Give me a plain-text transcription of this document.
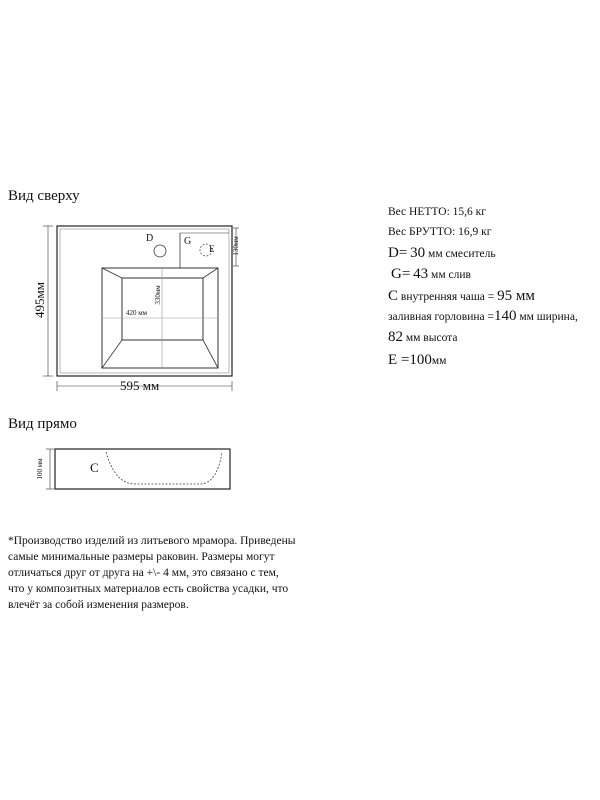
Вид сверху
D	G
E	130мм
420 мм
330мм
595 мм
495мм
Вид прямо
100 мм	C
Вес НЕТТО: 15,6 кг
Вес БРУТТО: 16,9 кг
D= 30 мм смеситель
G= 43 мм слив
C внутренняя чаша = 95 мм
заливная горловина =140 мм ширина,
82 мм высота
E =100мм
*Производство изделий из литьевого мрамора. Приведены
самые минимальные размеры раковин. Размеры могут
отличаться друг от друга на +\- 4 мм, это связано с тем,
что у композитных материалов есть свойства усадки, что
влечёт за собой изменения размеров.
